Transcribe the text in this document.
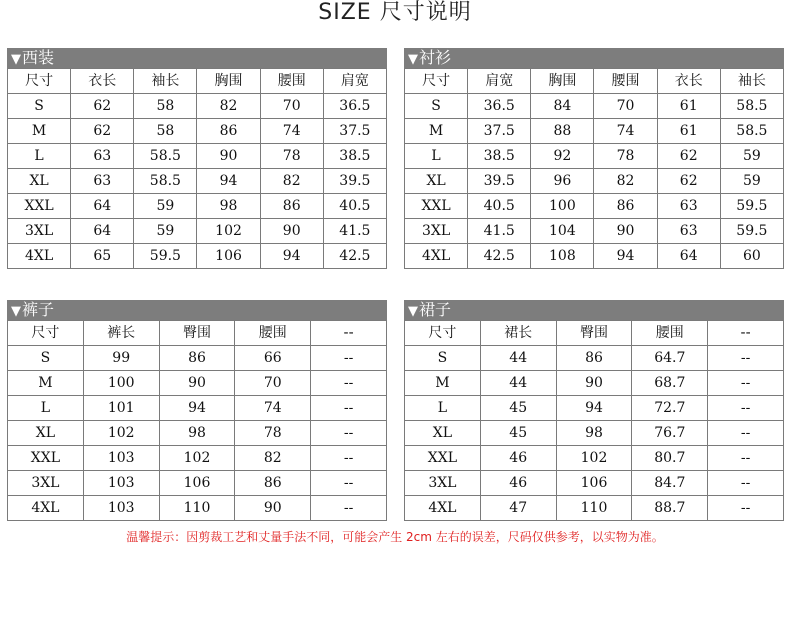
SIZE 尺寸说明
▼西装
尺寸	衣长	袖长	胸围	腰围	肩宽
S	62	58	82	70	36.5
M	62	58	86	74	37.5
L	63	58.5	90	78	38.5
XL	63	58.5	94	82	39.5
XXL	64	59	98	86	40.5
3XL	64	59	102	90	41.5
4XL	65	59.5	106	94	42.5
▼衬衫
尺寸	肩宽	胸围	腰围	衣长	袖长
S	36.5	84	70	61	58.5
M	37.5	88	74	61	58.5
L	38.5	92	78	62	59
XL	39.5	96	82	62	59
XXL	40.5	100	86	63	59.5
3XL	41.5	104	90	63	59.5
4XL	42.5	108	94	64	60
▼裤子
尺寸	裤长	臀围	腰围	--
S	99	86	66	--
M	100	90	70	--
L	101	94	74	--
XL	102	98	78	--
XXL	103	102	82	--
3XL	103	106	86	--
4XL	103	110	90	--
▼裙子
尺寸	裙长	臀围	腰围	--
S	44	86	64.7	--
M	44	90	68.7	--
L	45	94	72.7	--
XL	45	98	76.7	--
XXL	46	102	80.7	--
3XL	46	106	84.7	--
4XL	47	110	88.7	--
温馨提示：因剪裁工艺和丈量手法不同，可能会产生 2cm 左右的误差，尺码仅供参考，以实物为准。
